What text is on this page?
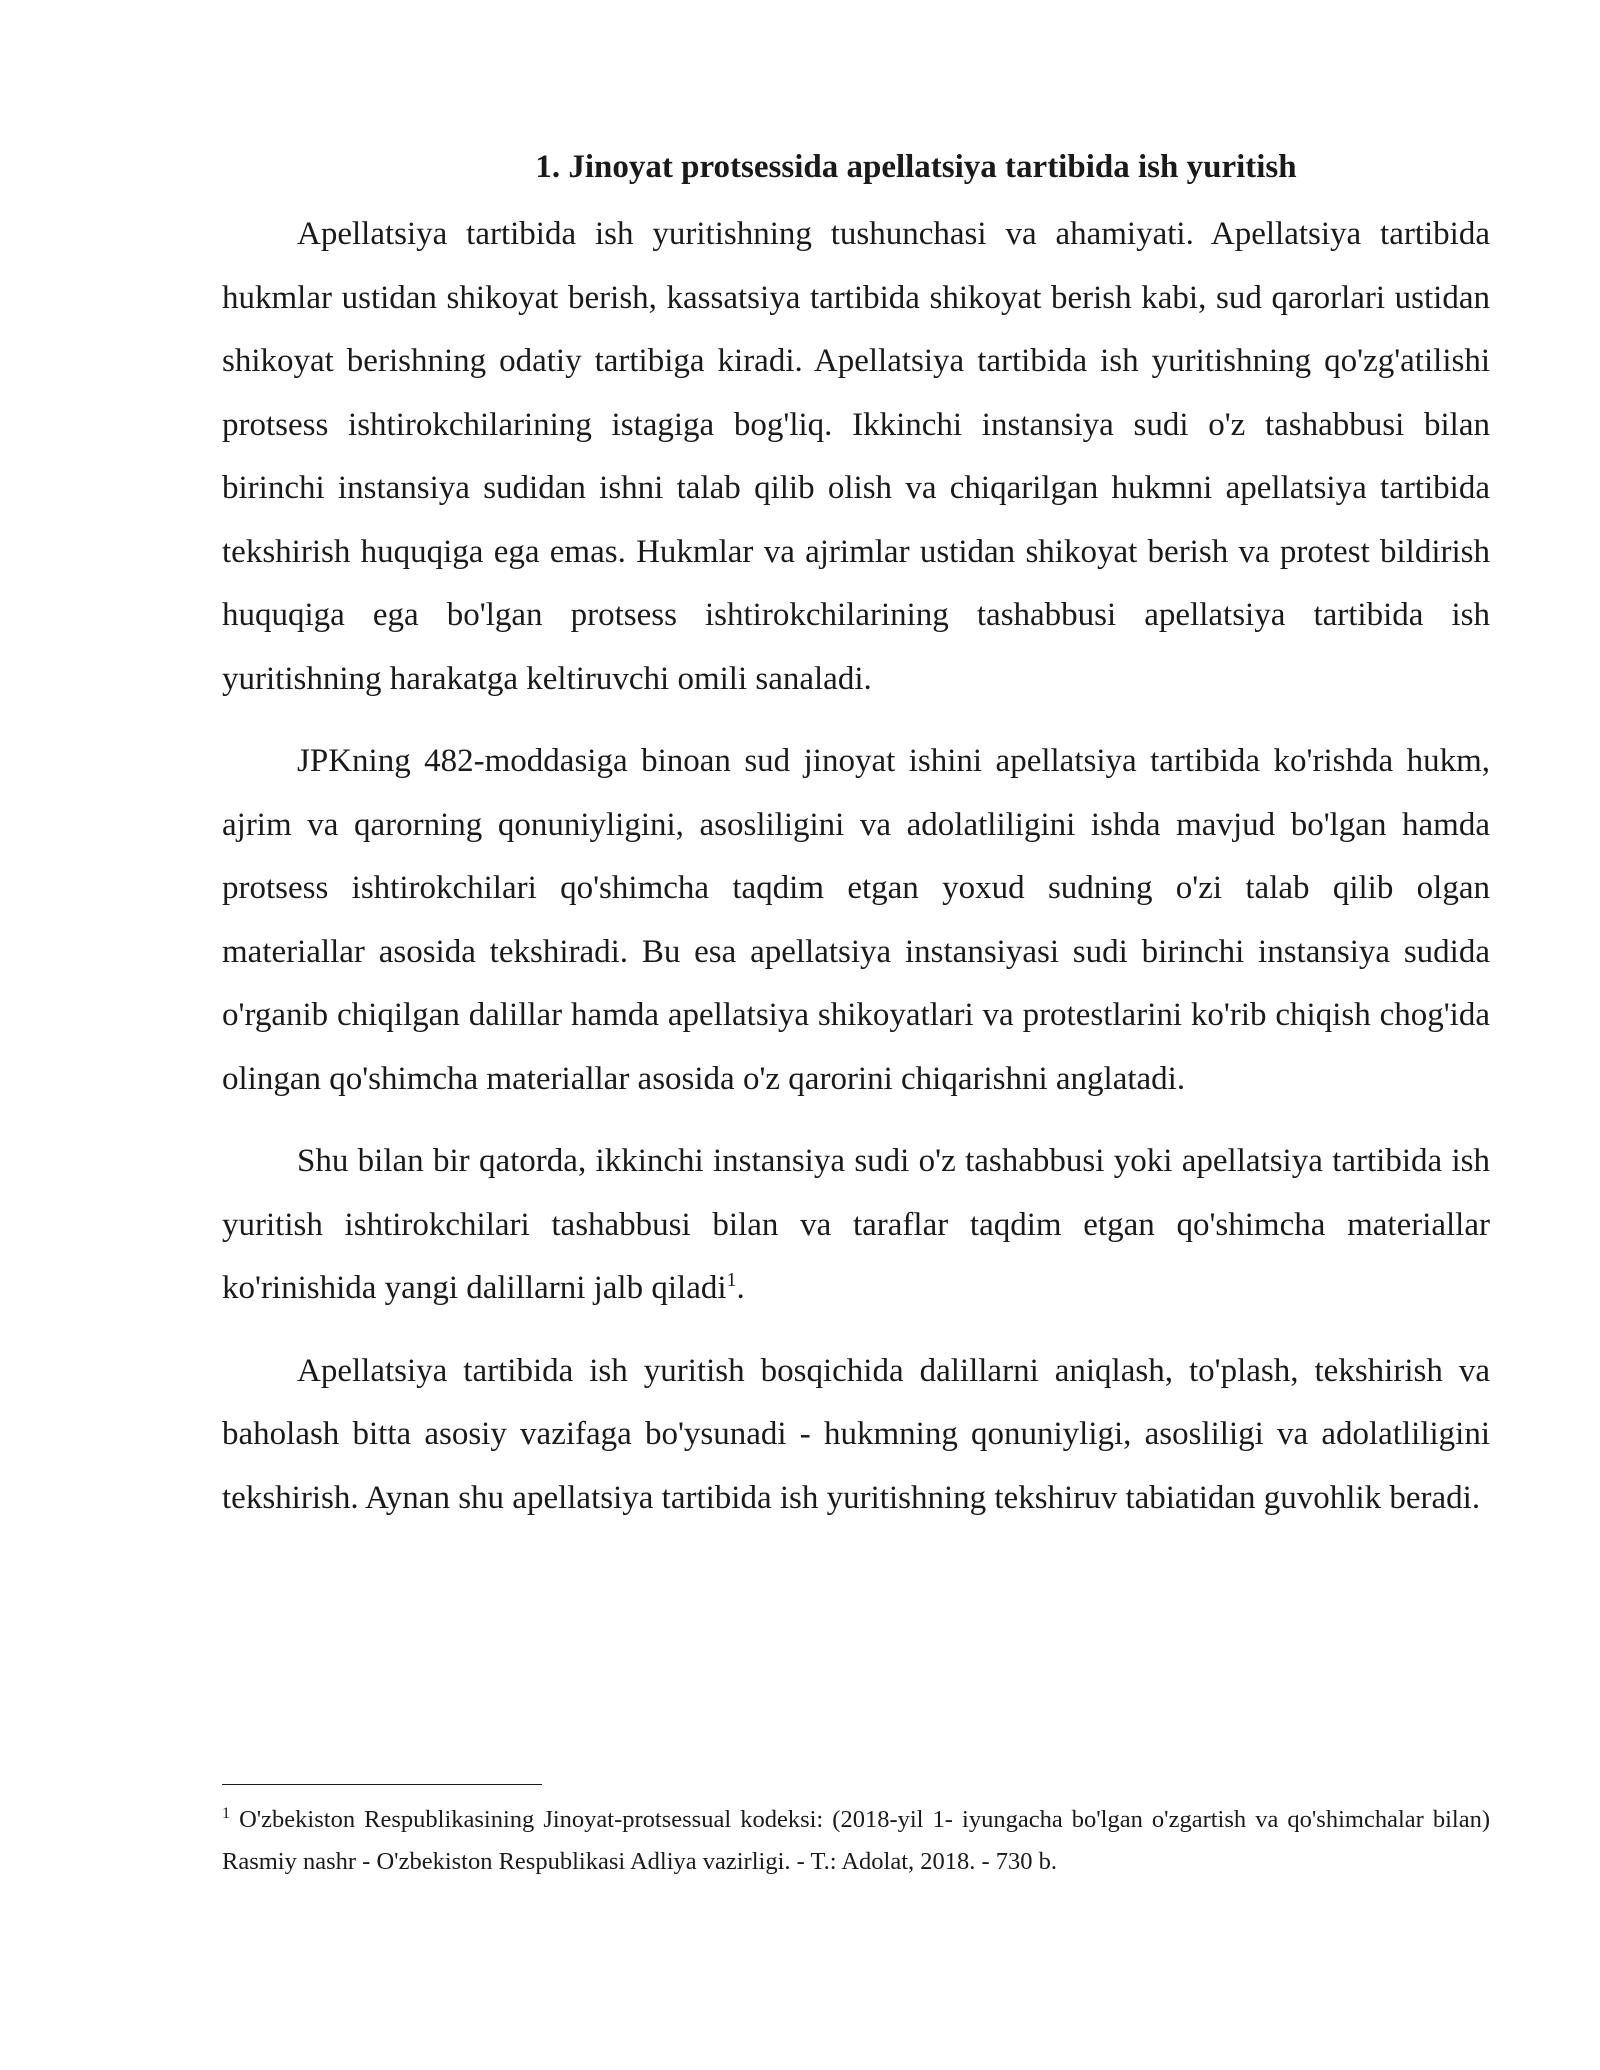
1. Jinoyat protsessida apellatsiya tartibida ish yuritish

Apellatsiya tartibida ish yuritishning tushunchasi va ahamiyati. Apellatsiya tartibida hukmlar ustidan shikoyat berish, kassatsiya tartibida shikoyat berish kabi, sud qarorlari ustidan shikoyat berishning odatiy tartibiga kiradi. Apellatsiya tartibida ish yuritishning qo'zg'atilishi protsess ishtirokchilarining istagiga bog'liq. Ikkinchi instansiya sudi o'z tashabbusi bilan birinchi instansiya sudidan ishni talab qilib olish va chiqarilgan hukmni apellatsiya tartibida tekshirish huquqiga ega emas. Hukmlar va ajrimlar ustidan shikoyat berish va protest bildirish huquqiga ega bo'lgan protsess ishtirokchilarining tashabbusi apellatsiya tartibida ish yuritishning harakatga keltiruvchi omili sanaladi.

JPKning 482-moddasiga binoan sud jinoyat ishini apellatsiya tartibida ko'rishda hukm, ajrim va qarorning qonuniyligini, asosliligini va adolatliligini ishda mavjud bo'lgan hamda protsess ishtirokchilari qo'shimcha taqdim etgan yoxud sudning o'zi talab qilib olgan materiallar asosida tekshiradi. Bu esa apellatsiya instansiyasi sudi birinchi instansiya sudida o'rganib chiqilgan dalillar hamda apellatsiya shikoyatlari va protestlarini ko'rib chiqish chog'ida olingan qo'shimcha materiallar asosida o'z qarorini chiqarishni anglatadi.

Shu bilan bir qatorda, ikkinchi instansiya sudi o'z tashabbusi yoki apellatsiya tartibida ish yuritish ishtirokchilari tashabbusi bilan va taraflar taqdim etgan qo'shimcha materiallar ko'rinishida yangi dalillarni jalb qiladi$^1$.

Apellatsiya tartibida ish yuritish bosqichida dalillarni aniqlash, to'plash, tekshirish va baholash bitta asosiy vazifaga bo'ysunadi - hukmning qonuniyligi, asosliligi va adolatliligini tekshirish. Aynan shu apellatsiya tartibida ish yuritishning tekshiruv tabiatidan guvohlik beradi.

$^1$ O'zbekiston Respublikasining Jinoyat-protsessual kodeksi: (2018-yil 1- iyungacha bo'lgan o'zgartish va qo'shimchalar bilan) Rasmiy nashr - O'zbekiston Respublikasi Adliya vazirligi. - T.: Adolat, 2018. - 730 b.
